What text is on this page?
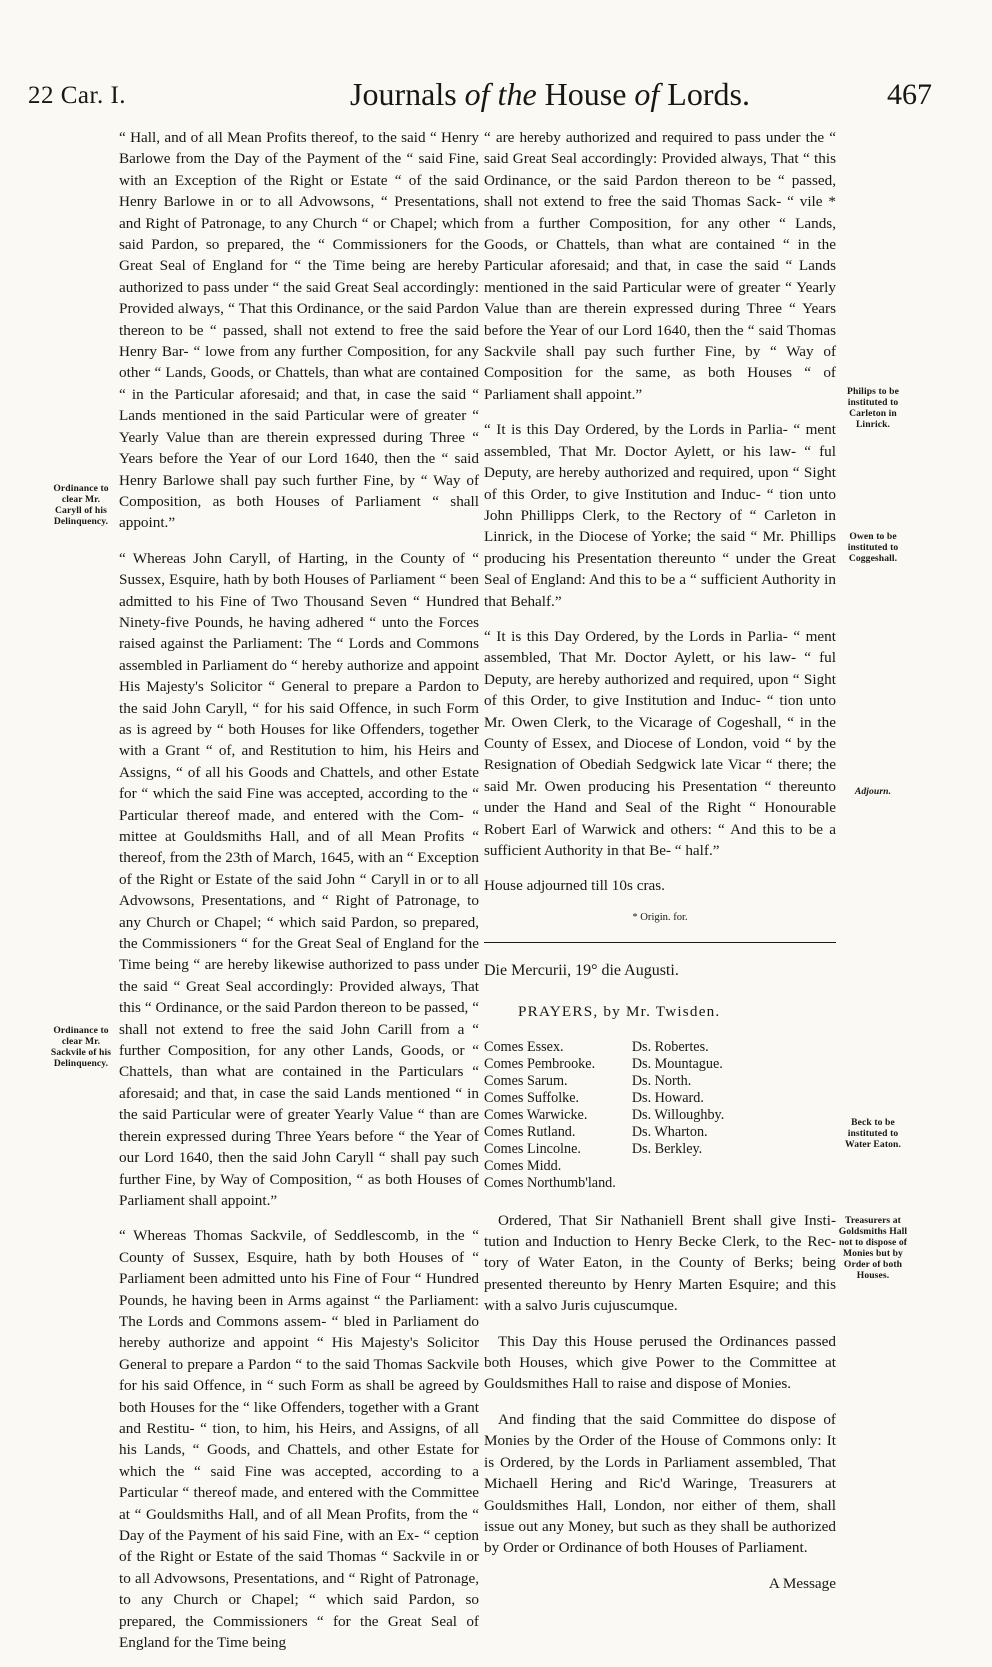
22 Car. I.	Journals of the House of Lords.	467
Ordinance to clear Mr. Caryll of his Delinquency.
Ordinance to clear Mr. Sackvile of his Delinquency.
Philips to be instituted to Carleton in Linrick.
Owen to be instituted to Coggeshall.
Beck to be instituted to Water Eaton.
Treasurers at Goldsmiths Hall not to dispose of Monies but by Order of both Houses.

“ Hall, and of all Mean Profits thereof, to the said “ Henry Barlowe from the Day of the Payment of the “ said Fine, with an Exception of the Right or Estate “ of the said Henry Barlowe in or to all Advowsons, “ Presentations, and Right of Patronage, to any Church “ or Chapel; which said Pardon, so prepared, the “ Commissioners for the Great Seal of England for “ the Time being are hereby authorized to pass under “ the said Great Seal accordingly: Provided always, “ That this Ordinance, or the said Pardon thereon to be “ passed, shall not extend to free the said Henry Bar- “ lowe from any further Composition, for any other “ Lands, Goods, or Chattels, than what are contained “ in the Particular aforesaid; and that, in case the said “ Lands mentioned in the said Particular were of greater “ Yearly Value than are therein expressed during Three “ Years before the Year of our Lord 1640, then the “ said Henry Barlowe shall pay such further Fine, by “ Way of Composition, as both Houses of Parliament “ shall appoint.”

“ Whereas John Caryll, of Harting, in the County of “ Sussex, Esquire, hath by both Houses of Parliament “ been admitted to his Fine of Two Thousand Seven “ Hundred Ninety-five Pounds, he having adhered “ unto the Forces raised against the Parliament: The “ Lords and Commons assembled in Parliament do “ hereby authorize and appoint His Majesty's Solicitor “ General to prepare a Pardon to the said John Caryll, “ for his said Offence, in such Form as is agreed by “ both Houses for like Offenders, together with a Grant “ of, and Restitution to him, his Heirs and Assigns, “ of all his Goods and Chattels, and other Estate for “ which the said Fine was accepted, according to the “ Particular thereof made, and entered with the Com- “ mittee at Gouldsmiths Hall, and of all Mean Profits “ thereof, from the 23th of March, 1645, with an “ Exception of the Right or Estate of the said John “ Caryll in or to all Advowsons, Presentations, and “ Right of Patronage, to any Church or Chapel; “ which said Pardon, so prepared, the Commissioners “ for the Great Seal of England for the Time being “ are hereby likewise authorized to pass under the said “ Great Seal accordingly: Provided always, That this “ Ordinance, or the said Pardon thereon to be passed, “ shall not extend to free the said John Carill from a “ further Composition, for any other Lands, Goods, or “ Chattels, than what are contained in the Particulars “ aforesaid; and that, in case the said Lands mentioned “ in the said Particular were of greater Yearly Value “ than are therein expressed during Three Years before “ the Year of our Lord 1640, then the said John Caryll “ shall pay such further Fine, by Way of Composition, “ as both Houses of Parliament shall appoint.”

“ Whereas Thomas Sackvile, of Seddlescomb, in the “ County of Sussex, Esquire, hath by both Houses of “ Parliament been admitted unto his Fine of Four “ Hundred Pounds, he having been in Arms against “ the Parliament: The Lords and Commons assem- “ bled in Parliament do hereby authorize and appoint “ His Majesty's Solicitor General to prepare a Pardon “ to the said Thomas Sackvile for his said Offence, in “ such Form as shall be agreed by both Houses for the “ like Offenders, together with a Grant and Restitu- “ tion, to him, his Heirs, and Assigns, of all his Lands, “ Goods, and Chattels, and other Estate for which the “ said Fine was accepted, according to a Particular “ thereof made, and entered with the Committee at “ Gouldsmiths Hall, and of all Mean Profits, from the “ Day of the Payment of his said Fine, with an Ex- “ ception of the Right or Estate of the said Thomas “ Sackvile in or to all Advowsons, Presentations, and “ Right of Patronage, to any Church or Chapel; “ which said Pardon, so prepared, the Commissioners “ for the Great Seal of England for the Time being

“ are hereby authorized and required to pass under the “ said Great Seal accordingly: Provided always, That “ this Ordinance, or the said Pardon thereon to be “ passed, shall not extend to free the said Thomas Sack- “ vile * from a further Composition, for any other “ Lands, Goods, or Chattels, than what are contained “ in the Particular aforesaid; and that, in case the said “ Lands mentioned in the said Particular were of greater “ Yearly Value than are therein expressed during Three “ Years before the Year of our Lord 1640, then the “ said Thomas Sackvile shall pay such further Fine, by “ Way of Composition for the same, as both Houses “ of Parliament shall appoint.”

“ It is this Day Ordered, by the Lords in Parlia- “ ment assembled, That Mr. Doctor Aylett, or his law- “ ful Deputy, are hereby authorized and required, upon “ Sight of this Order, to give Institution and Induc- “ tion unto John Phillipps Clerk, to the Rectory of “ Carleton in Linrick, in the Diocese of Yorke; the said “ Mr. Phillips producing his Presentation thereunto “ under the Great Seal of England: And this to be a “ sufficient Authority in that Behalf.”

“ It is this Day Ordered, by the Lords in Parlia- “ ment assembled, That Mr. Doctor Aylett, or his law- “ ful Deputy, are hereby authorized and required, upon “ Sight of this Order, to give Institution and Induc- “ tion unto Mr. Owen Clerk, to the Vicarage of Cogeshall, “ in the County of Essex, and Diocese of London, void “ by the Resignation of Obediah Sedgwick late Vicar “ there; the said Mr. Owen producing his Presentation “ thereunto under the Hand and Seal of the Right “ Honourable Robert Earl of Warwick and others: “ And this to be a sufficient Authority in that Be- “ half.”

House adjourned till 10s cras.
* Origin. for.
Die Mercurii, 19° die Augusti.
PRAYERS, by Mr. Twisden.
Comes Essex.
Comes Pembrooke.
Comes Sarum.
Comes Suffolke.
Comes Warwicke.
Comes Rutland.
Comes Lincolne.
Comes Midd.
Comes Northumb'land.
Ds. Robertes.
Ds. Mountague.
Ds. North.
Ds. Howard.
Ds. Willoughby.
Ds. Wharton.
Ds. Berkley.

Ordered, That Sir Nathaniell Brent shall give Insti- tution and Induction to Henry Becke Clerk, to the Rec- tory of Water Eaton, in the County of Berks; being presented thereunto by Henry Marten Esquire; and this with a salvo Juris cujuscumque.

This Day this House perused the Ordinances passed both Houses, which give Power to the Committee at Gouldsmithes Hall to raise and dispose of Monies.

And finding that the said Committee do dispose of Monies by the Order of the House of Commons only: It is Ordered, by the Lords in Parliament assembled, That Michaell Hering and Ric'd Waringe, Treasurers at Gouldsmithes Hall, London, nor either of them, shall issue out any Money, but such as they shall be authorized by Order or Ordinance of both Houses of Parliament.

A Message
Adjourn.
